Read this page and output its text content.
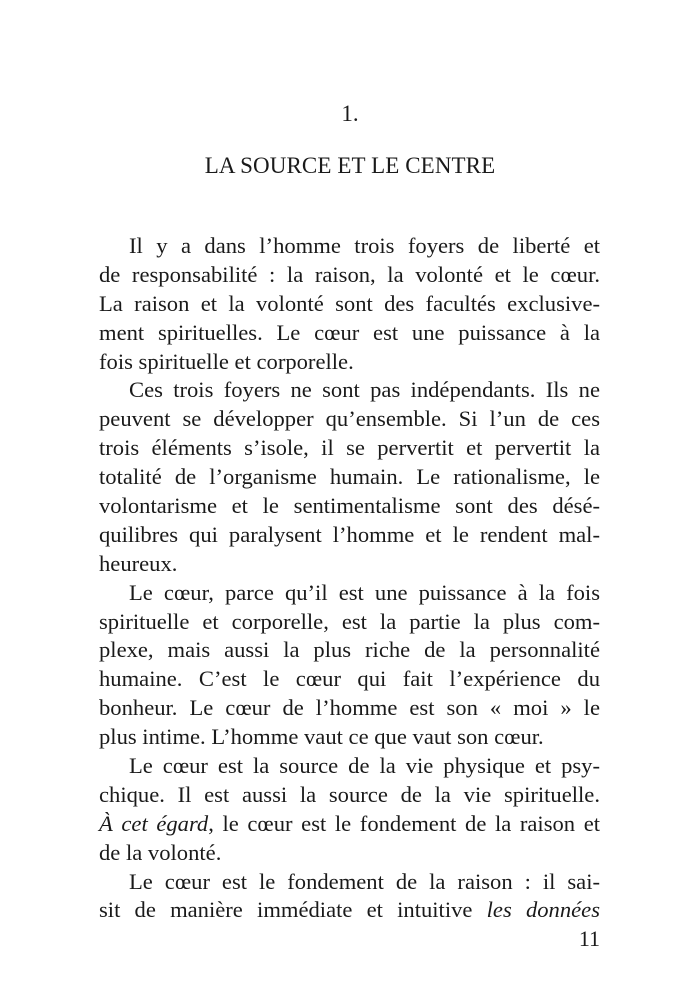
1.
LA SOURCE ET LE CENTRE
Il y a dans l’homme trois foyers de liberté et
de responsabilité : la raison, la volonté et le cœur.
La raison et la volonté sont des facultés exclusive-
ment spirituelles. Le cœur est une puissance à la
fois spirituelle et corporelle.
Ces trois foyers ne sont pas indépendants. Ils ne
peuvent se développer qu’ensemble. Si l’un de ces
trois éléments s’isole, il se pervertit et pervertit la
totalité de l’organisme humain. Le rationalisme, le
volontarisme et le sentimentalisme sont des désé-
quilibres qui paralysent l’homme et le rendent mal-
heureux.
Le cœur, parce qu’il est une puissance à la fois
spirituelle et corporelle, est la partie la plus com-
plexe, mais aussi la plus riche de la personnalité
humaine. C’est le cœur qui fait l’expérience du
bonheur. Le cœur de l’homme est son « moi » le
plus intime. L’homme vaut ce que vaut son cœur.
Le cœur est la source de la vie physique et psy-
chique. Il est aussi la source de la vie spirituelle.
À cet égard, le cœur est le fondement de la raison et
de la volonté.
Le cœur est le fondement de la raison : il sai-
sit de manière immédiate et intuitive les données
11
